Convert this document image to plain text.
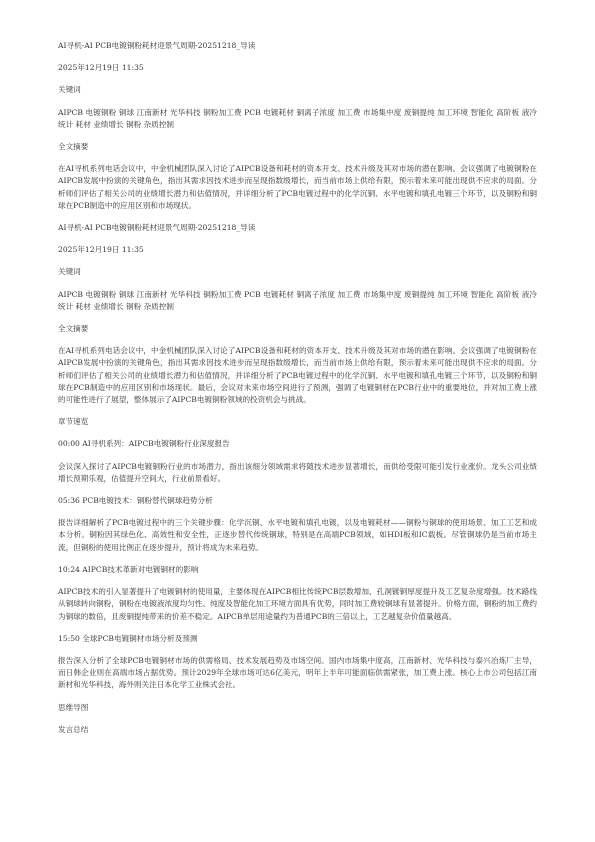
AI寻机-AI PCB电镀铜粉耗材迎景气周期-20251218_导读

2025年12月19日 11:35

关键词

AIPCB 电镀铜粉 铜球 江南新材 光华科技 铜粉加工费 PCB 电镀耗材 铜离子浓度 加工费 市场集中度 废铜提纯 加工环境 智能化 高阶板 液冷统计 耗材 业绩增长 铜粉 杂质控制

全文摘要

在AI寻机系列电话会议中，中金机械团队深入讨论了AIPCB设备和耗材的资本开支、技术升级及其对市场的潜在影响。会议强调了电镀铜粉在AIPCB发展中扮演的关键角色，指出其需求因技术进步而呈现指数级增长，而当前市场上供给有限，预示着未来可能出现供不应求的局面。分析师们评估了相关公司的业绩增长潜力和估值情况，并详细分析了PCB电镀过程中的化学沉铜、水平电镀和填孔电镀三个环节，以及铜粉和铜球在PCB制造中的应用区别和市场现状。

AI寻机-AI PCB电镀铜粉耗材迎景气周期-20251218_导读

2025年12月19日 11:35

关键词

AIPCB 电镀铜粉 铜球 江南新材 光华科技 铜粉加工费 PCB 电镀耗材 铜离子浓度 加工费 市场集中度 废铜提纯 加工环境 智能化 高阶板 液冷统计 耗材 业绩增长 铜粉 杂质控制

全文摘要

在AI寻机系列电话会议中，中金机械团队深入讨论了AIPCB设备和耗材的资本开支、技术升级及其对市场的潜在影响。会议强调了电镀铜粉在AIPCB发展中扮演的关键角色，指出其需求因技术进步而呈现指数级增长，而当前市场上供给有限，预示着未来可能出现供不应求的局面。分析师们评估了相关公司的业绩增长潜力和估值情况，并详细分析了PCB电镀过程中的化学沉铜、水平电镀和填孔电镀三个环节，以及铜粉和铜球在PCB制造中的应用区别和市场现状。最后，会议对未来市场空间进行了预测，强调了电镀铜材在PCB行业中的重要地位，并对加工费上涨的可能性进行了展望，整体展示了AIPCB电镀铜粉领域的投资机会与挑战。

章节速览

00:00 AI寻机系列：AIPCB电镀铜粉行业深度报告

会议深入探讨了AIPCB电镀铜粉行业的市场潜力，指出该细分领域需求将随技术进步显著增长，而供给受限可能引发行业涨价。龙头公司业绩增长预期乐观，估值提升空间大，行业前景看好。

05:36 PCB电镀技术：铜粉替代铜球趋势分析

报告详细解析了PCB电镀过程中的三个关键步骤：化学沉铜、水平电镀和填孔电镀，以及电镀耗材——铜粉与铜球的使用场景、加工工艺和成本分析。铜粉因其绿色化、高效性和安全性，正逐步替代传统铜球，特别是在高端PCB领域，如HDI板和IC载板。尽管铜球仍是当前市场主流，但铜粉的使用比例正在逐步提升，预计将成为未来趋势。

10:24 AIPCB技术革新对电镀铜材的影响

AIPCB技术的引入显著提升了电镀铜材的使用量，主要体现在AIPCB相比传统PCB层数增加、孔洞镀铜厚度提升及工艺复杂度增强。技术路线从铜球转向铜粉，铜粉在电镀液浓度均匀性、纯度及智能化加工环境方面具有优势，同时加工费较铜球有显著提升。价格方面，铜粉的加工费约为铜球的数倍，且废铜提纯带来的价差不稳定。AIPCB单层用途量约为普通PCB的三倍以上，工艺越复杂价值量越高。

15:50 全球PCB电镀铜材市场分析及预测

报告深入分析了全球PCB电镀铜材市场的供需格局、技术发展趋势及市场空间。国内市场集中度高，江南新材、光华科技与泰兴冶炼厂主导，而日韩企业则在高端市场占据优势。预计2029年全球市场可达6亿美元，明年上半年可能面临供需紧张，加工费上涨。核心上市公司包括江南新材和光华科技，海外则关注日本化学工业株式会社。

思维导图

发言总结
